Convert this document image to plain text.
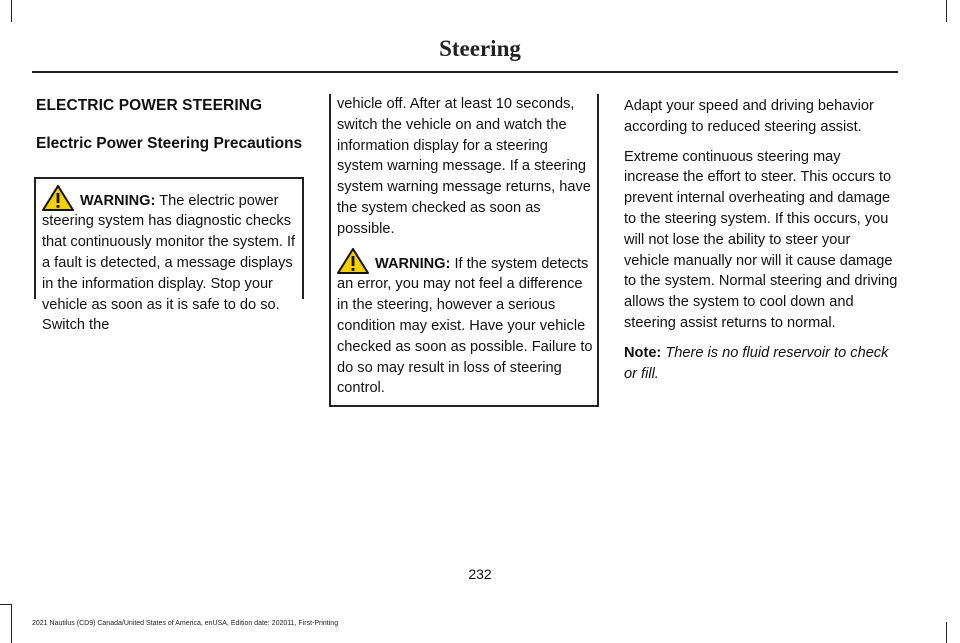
Steering
ELECTRIC POWER STEERING
Electric Power Steering Precautions

WARNING: The electric power steering system has diagnostic checks that continuously monitor the system. If a fault is detected, a message displays in the information display. Stop your vehicle as soon as it is safe to do so. Switch the

vehicle off. After at least 10 seconds, switch the vehicle on and watch the information display for a steering system warning message. If a steering system warning message returns, have the system checked as soon as possible.

WARNING: If the system detects an error, you may not feel a difference in the steering, however a serious condition may exist. Have your vehicle checked as soon as possible. Failure to do so may result in loss of steering control.

Adapt your speed and driving behavior according to reduced steering assist.

Extreme continuous steering may increase the effort to steer. This occurs to prevent internal overheating and damage to the steering system. If this occurs, you will not lose the ability to steer your vehicle manually nor will it cause damage to the system. Normal steering and driving allows the system to cool down and steering assist returns to normal.

Note: There is no fluid reservoir to check or fill.

232
2021 Nautilus (CD9) Canada/United States of America, enUSA, Edition date: 202011, First-Printing
